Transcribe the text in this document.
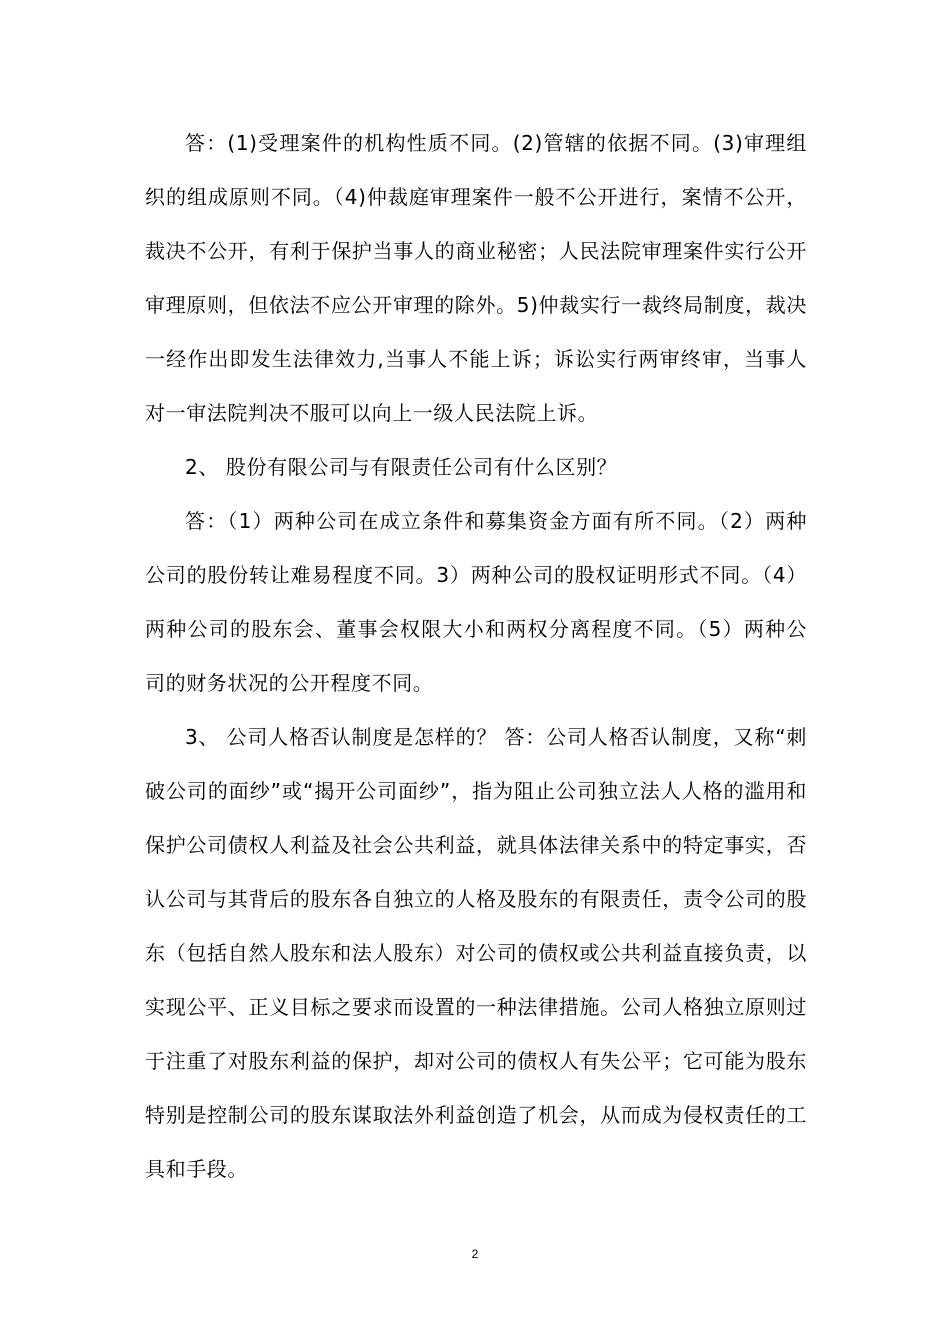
答：(1)受理案件的机构性质不同。(2)管辖的依据不同。(3)审理组织的组成原则不同。（4)仲裁庭审理案件一般不公开进行，案情不公开，裁决不公开，有利于保护当事人的商业秘密；人民法院审理案件实行公开审理原则，但依法不应公开审理的除外。5)仲裁实行一裁终局制度，裁决一经作出即发生法律效力,当事人不能上诉；诉讼实行两审终审，当事人对一审法院判决不服可以向上一级人民法院上诉。

2、 股份有限公司与有限责任公司有什么区别？

答：（1）两种公司在成立条件和募集资金方面有所不同。（2）两种公司的股份转让难易程度不同。3）两种公司的股权证明形式不同。（4）两种公司的股东会、董事会权限大小和两权分离程度不同。（5）两种公司的财务状况的公开程度不同。

3、 公司人格否认制度是怎样的？ 答：公司人格否认制度，又称“刺破公司的面纱”或“揭开公司面纱”，指为阻止公司独立法人人格的滥用和保护公司债权人利益及社会公共利益，就具体法律关系中的特定事实，否认公司与其背后的股东各自独立的人格及股东的有限责任，责令公司的股东（包括自然人股东和法人股东）对公司的债权或公共利益直接负责，以实现公平、正义目标之要求而设置的一种法律措施。公司人格独立原则过于注重了对股东利益的保护，却对公司的债权人有失公平；它可能为股东特别是控制公司的股东谋取法外利益创造了机会，从而成为侵权责任的工具和手段。

2
